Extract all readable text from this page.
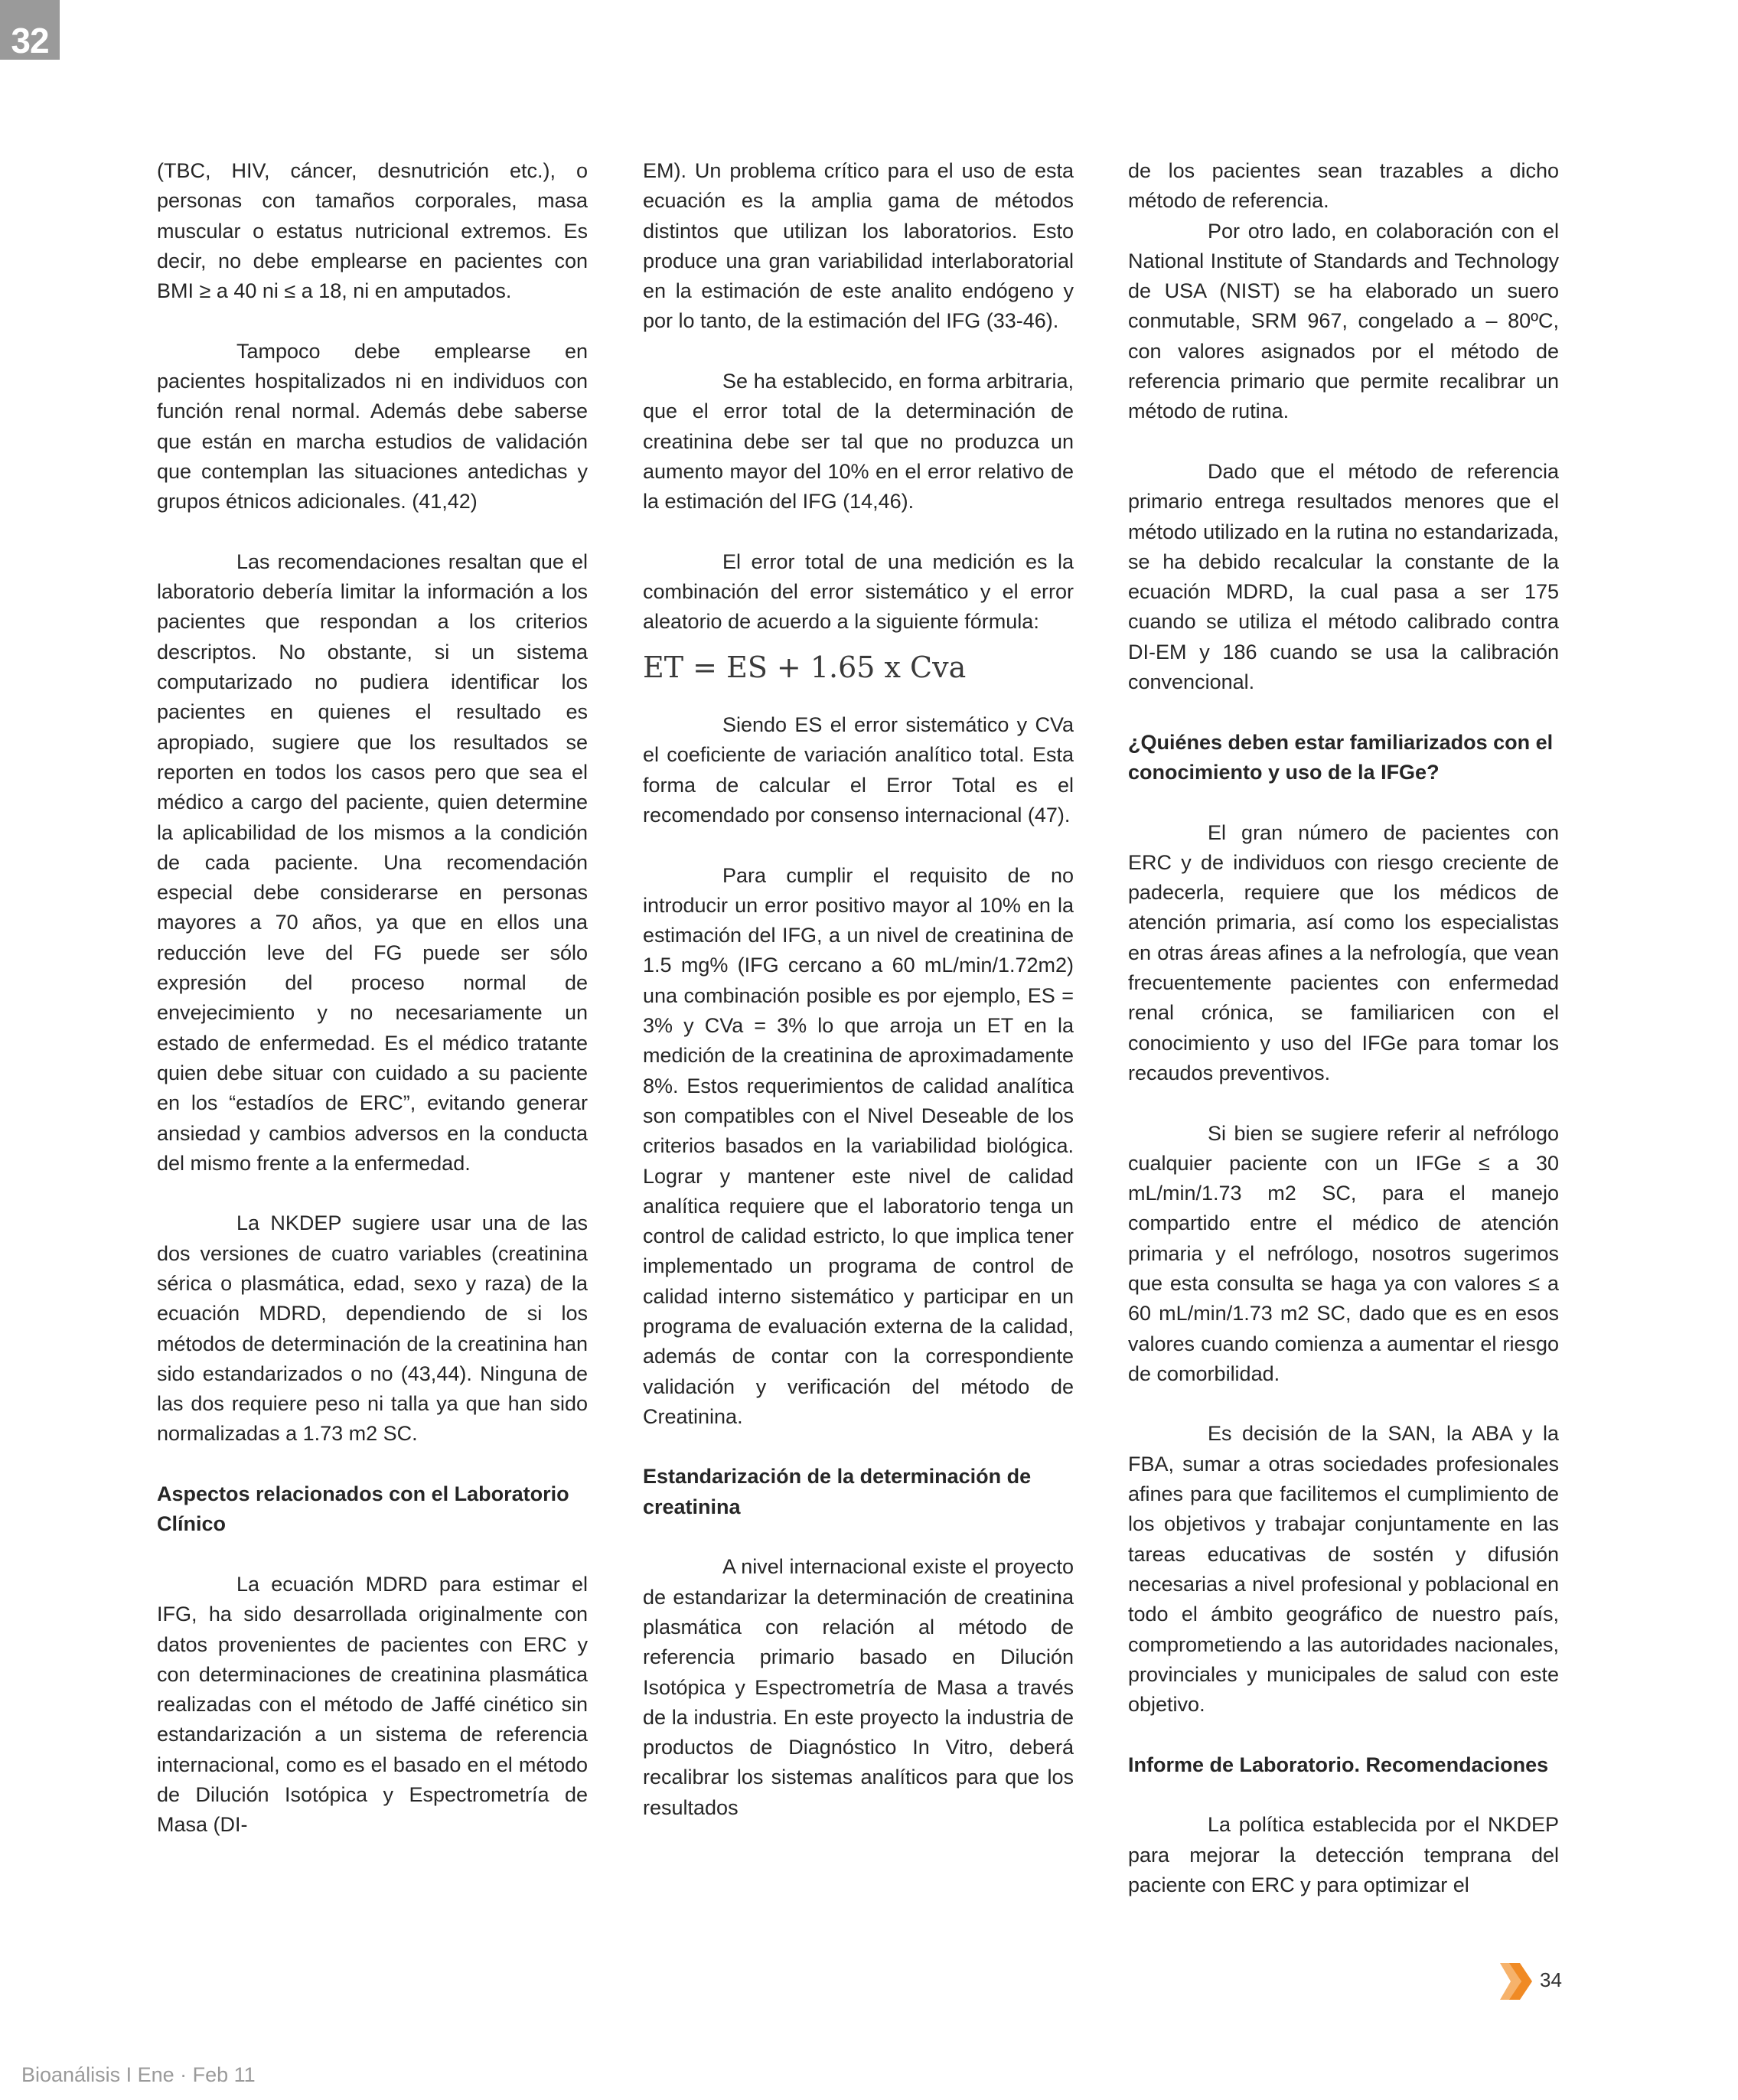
32

(TBC, HIV, cáncer, desnutrición etc.), o personas con tamaños corporales, masa muscular o estatus nutricional extremos. Es decir, no debe emplearse en pacientes con BMI ≥ a 40 ni ≤ a 18, ni en amputados.

Tampoco debe emplearse en pacientes hospitalizados ni en individuos con función renal normal. Además debe saberse que están en marcha estudios de validación que contemplan las situaciones antedichas y grupos étnicos adicionales. (41,42)

Las recomendaciones resaltan que el laboratorio debería limitar la información a los pacientes que respondan a los criterios descriptos. No obstante, si un sistema computarizado no pudiera identificar los pacientes en quienes el resultado es apropiado, sugiere que los resultados se reporten en todos los casos pero que sea el médico a cargo del paciente, quien determine la aplicabilidad de los mismos a la condición de cada paciente. Una recomendación especial debe considerarse en personas mayores a 70 años, ya que en ellos una reducción leve del FG puede ser sólo expresión del proceso normal de envejecimiento y no necesariamente un estado de enfermedad. Es el médico tratante quien debe situar con cuidado a su paciente en los “estadíos de ERC”, evitando generar ansiedad y cambios adversos en la conducta del mismo frente a la enfermedad.

La NKDEP sugiere usar una de las dos versiones de cuatro variables (creatinina sérica o plasmática, edad, sexo y raza) de la ecuación MDRD, dependiendo de si los métodos de determinación de la creatinina han sido estandarizados o no (43,44). Ninguna de las dos requiere peso ni talla ya que han sido normalizadas a 1.73 m2 SC.

Aspectos relacionados con el Laboratorio Clínico

La ecuación MDRD para estimar el IFG, ha sido desarrollada originalmente con datos provenientes de pacientes con ERC y con determinaciones de creatinina plasmática realizadas con el método de Jaffé cinético sin estandarización a un sistema de referencia internacional, como es el basado en el método de Dilución Isotópica y Espectrometría de Masa (DI-

EM). Un problema crítico para el uso de esta ecuación es la amplia gama de métodos distintos que utilizan los laboratorios. Esto produce una gran variabilidad interlaboratorial en la estimación de este analito endógeno y por lo tanto, de la estimación del IFG (33-46).

Se ha establecido, en forma arbitraria, que el error total de la determinación de creatinina debe ser tal que no produzca un aumento mayor del 10% en el error relativo de la estimación del IFG (14,46).

El error total de una medición es la combinación del error sistemático y el error aleatorio de acuerdo a la siguiente fórmula:

ET = ES + 1.65 x Cva

Siendo ES el error sistemático y CVa el coeficiente de variación analítico total. Esta forma de calcular el Error Total es el recomendado por consenso internacional (47).

Para cumplir el requisito de no introducir un error positivo mayor al 10% en la estimación del IFG, a un nivel de creatinina de 1.5 mg% (IFG cercano a 60 mL/min/1.72m2) una combinación posible es por ejemplo, ES = 3% y CVa = 3% lo que arroja un ET en la medición de la creatinina de aproximadamente 8%. Estos requerimientos de calidad analítica son compatibles con el Nivel Deseable de los criterios basados en la variabilidad biológica. Lograr y mantener este nivel de calidad analítica requiere que el laboratorio tenga un control de calidad estricto, lo que implica tener implementado un programa de control de calidad interno sistemático y participar en un programa de evaluación externa de la calidad, además de contar con la correspondiente validación y verificación del método de Creatinina.

Estandarización de la determinación de creatinina

A nivel internacional existe el proyecto de estandarizar la determinación de creatinina plasmática con relación al método de referencia primario basado en Dilución Isotópica y Espectrometría de Masa a través de la industria. En este proyecto la industria de productos de Diagnóstico In Vitro, deberá recalibrar los sistemas analíticos para que los resultados

de los pacientes sean trazables a dicho método de referencia.

Por otro lado, en colaboración con el National Institute of Standards and Technology de USA (NIST) se ha elaborado un suero conmutable, SRM 967, congelado a – 80ºC, con valores asignados por el método de referencia primario que permite recalibrar un método de rutina.

Dado que el método de referencia primario entrega resultados menores que el método utilizado en la rutina no estandarizada, se ha debido recalcular la constante de la ecuación MDRD, la cual pasa a ser 175 cuando se utiliza el método calibrado contra DI-EM y 186 cuando se usa la calibración convencional.

¿Quiénes deben estar familiarizados con el conocimiento y uso de la IFGe?

El gran número de pacientes con ERC y de individuos con riesgo creciente de padecerla, requiere que los médicos de atención primaria, así como los especialistas en otras áreas afines a la nefrología, que vean frecuentemente pacientes con enfermedad renal crónica, se familiaricen con el conocimiento y uso del IFGe para tomar los recaudos preventivos.

Si bien se sugiere referir al nefrólogo cualquier paciente con un IFGe ≤ a 30 mL/min/1.73 m2 SC, para el manejo compartido entre el médico de atención primaria y el nefrólogo, nosotros sugerimos que esta consulta se haga ya con valores ≤ a 60 mL/min/1.73 m2 SC, dado que es en esos valores cuando comienza a aumentar el riesgo de comorbilidad.

Es decisión de la SAN, la ABA y la FBA, sumar a otras sociedades profesionales afines para que facilitemos el cumplimiento de los objetivos y trabajar conjuntamente en las tareas educativas de sostén y difusión necesarias a nivel profesional y poblacional en todo el ámbito geográfico de nuestro país, comprometiendo a las autoridades nacionales, provinciales y municipales de salud con este objetivo.

Informe de Laboratorio. Recomendaciones

La política establecida por el NKDEP para mejorar la detección temprana del paciente con ERC y para optimizar el

34
Bioanálisis I Ene · Feb 11
